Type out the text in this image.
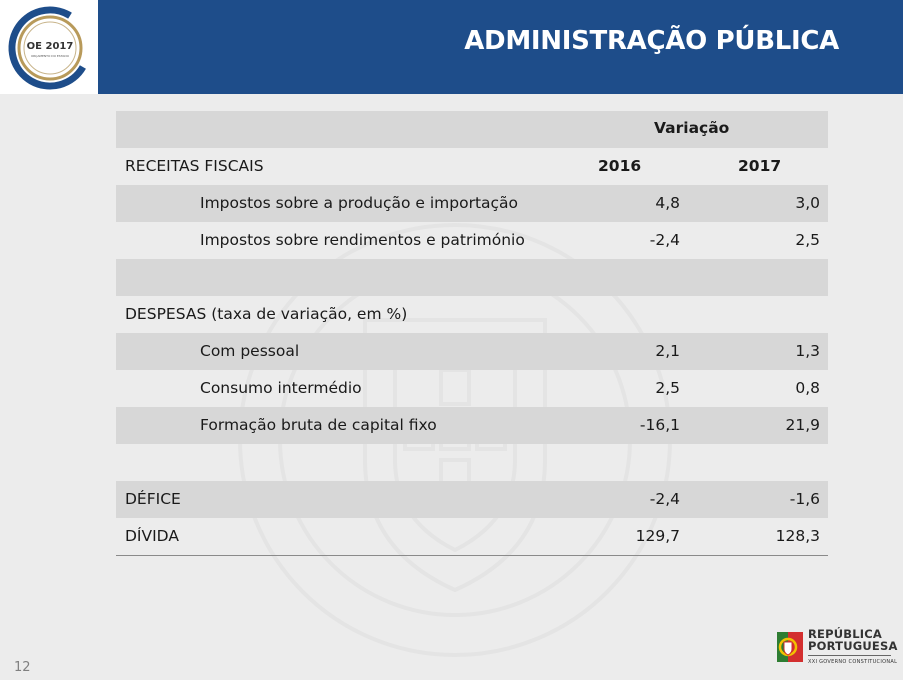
OE 2017
ORÇAMENTO DO ESTADO	ADMINISTRAÇÃO PÚBLICA
Variação
RECEITAS FISCAIS	2016	2017
Impostos sobre a produção e importação	4,8	3,0
Impostos sobre rendimentos e património	-2,4	2,5
DESPESAS (taxa de variação, em %)
Com pessoal	2,1	1,3
Consumo intermédio	2,5	0,8
Formação bruta de capital fixo	-16,1	21,9
DÉFICE	-2,4	-1,6
DÍVIDA	129,7	128,3
12
REPÚBLICA
PORTUGUESA
XXI GOVERNO CONSTITUCIONAL
